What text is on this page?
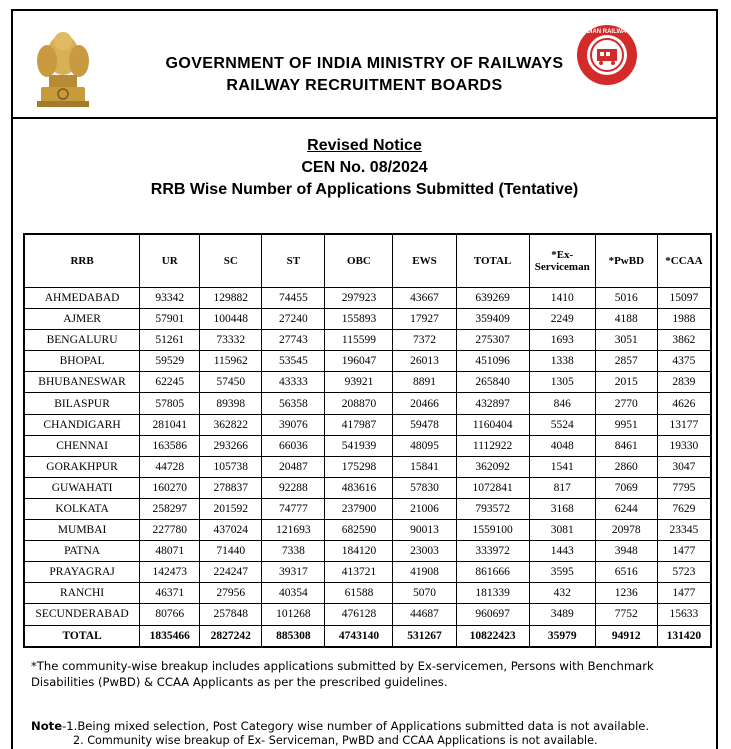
GOVERNMENT OF INDIA MINISTRY OF RAILWAYS
RAILWAY RECRUITMENT BOARDS
INDIAN RAILWAYS
Revised Notice
CEN No. 08/2024
RRB Wise Number of Applications Submitted (Tentative)
RRB	UR	SC	ST	OBC	EWS	TOTAL	*Ex-Serviceman	*PwBD	*CCAA
AHMEDABAD	93342	129882	74455	297923	43667	639269	1410	5016	15097
AJMER	57901	100448	27240	155893	17927	359409	2249	4188	1988
BENGALURU	51261	73332	27743	115599	7372	275307	1693	3051	3862
BHOPAL	59529	115962	53545	196047	26013	451096	1338	2857	4375
BHUBANESWAR	62245	57450	43333	93921	8891	265840	1305	2015	2839
BILASPUR	57805	89398	56358	208870	20466	432897	846	2770	4626
CHANDIGARH	281041	362822	39076	417987	59478	1160404	5524	9951	13177
CHENNAI	163586	293266	66036	541939	48095	1112922	4048	8461	19330
GORAKHPUR	44728	105738	20487	175298	15841	362092	1541	2860	3047
GUWAHATI	160270	278837	92288	483616	57830	1072841	817	7069	7795
KOLKATA	258297	201592	74777	237900	21006	793572	3168	6244	7629
MUMBAI	227780	437024	121693	682590	90013	1559100	3081	20978	23345
PATNA	48071	71440	7338	184120	23003	333972	1443	3948	1477
PRAYAGRAJ	142473	224247	39317	413721	41908	861666	3595	6516	5723
RANCHI	46371	27956	40354	61588	5070	181339	432	1236	1477
SECUNDERABAD	80766	257848	101268	476128	44687	960697	3489	7752	15633
TOTAL	1835466	2827242	885308	4743140	531267	10822423	35979	94912	131420
*The community-wise breakup includes applications submitted by Ex-servicemen, Persons with Benchmark Disabilities (PwBD) & CCAA Applicants as per the prescribed guidelines.
Note-1.Being mixed selection, Post Category wise number of Applications submitted data is not available.
2. Community wise breakup of Ex- Serviceman, PwBD and CCAA Applications is not available.
